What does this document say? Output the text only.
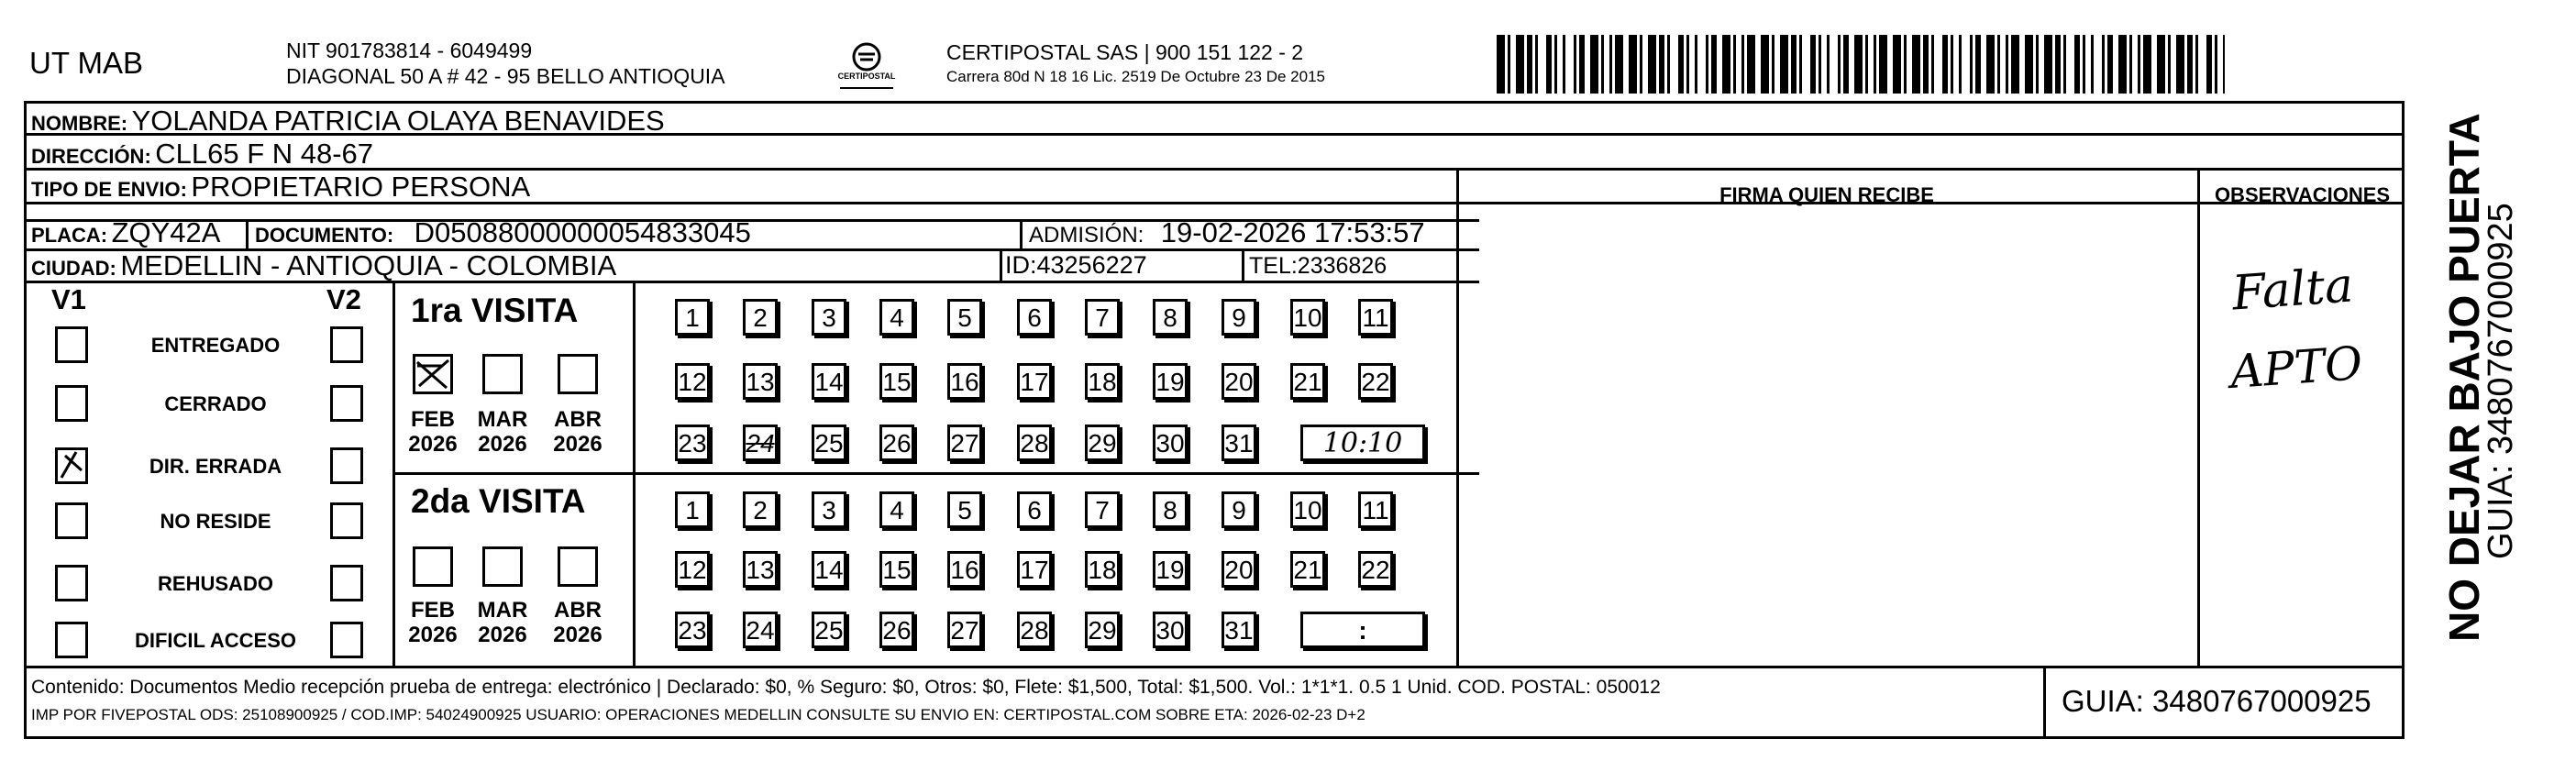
UT MAB	NIT 901783814 - 6049499
DIAGONAL 50 A # 42 - 95 BELLO ANTIOQUIA	CERTIPOSTAL
CERTIPOSTAL SAS | 900 151 122 - 2
Carrera 80d N 18 16 Lic. 2519 De Octubre 23 De 2015
NOMBRE: YOLANDA PATRICIA OLAYA BENAVIDES
DIRECCIÓN: CLL65 F N 48-67
TIPO DE ENVIO: PROPIETARIO PERSONA	FIRMA QUIEN RECIBE	OBSERVACIONES
PLACA: ZQY42A DOCUMENTO: D05088000000054833045	ADMISIÓN: 19-02-2026 17:53:57
CIUDAD: MEDELLIN - ANTIOQUIA - COLOMBIA	ID:43256227	TEL:2336826
V1	V2
ENTREGADO
CERRADO
DIR. ERRADA
NO RESIDE
REHUSADO
DIFICIL ACCESO
1ra VISITA
FEB
2026
MAR
2026
ABR
2026
1	2	3	4	5	6	7	8	9	10 11
12 13 14 15 16 17 18 19 20 21 22
23 24 25 26 27 28 29 30 31	10:10
2da VISITA
FEB
2026
MAR
2026
ABR
2026
1	2	3	4	5	6	7	8	9	10 11
12 13 14 15 16 17 18 19 20 21 22
23 24 25 26 27 28 29 30 31	:
Falta
APTO
Contenido: Documentos Medio recepción prueba de entrega: electrónico | Declarado: $0, % Seguro: $0, Otros: $0, Flete: $1,500, Total: $1,500. Vol.: 1*1*1. 0.5 1 Unid. COD. POSTAL: 050012
IMP POR FIVEPOSTAL ODS: 25108900925 / COD.IMP: 54024900925 USUARIO: OPERACIONES MEDELLIN CONSULTE SU ENVIO EN: CERTIPOSTAL.COM SOBRE ETA: 2026-02-23 D+2	GUIA: 3480767000925
NO DEJAR BAJO PUERTA
GUIA: 3480767000925
